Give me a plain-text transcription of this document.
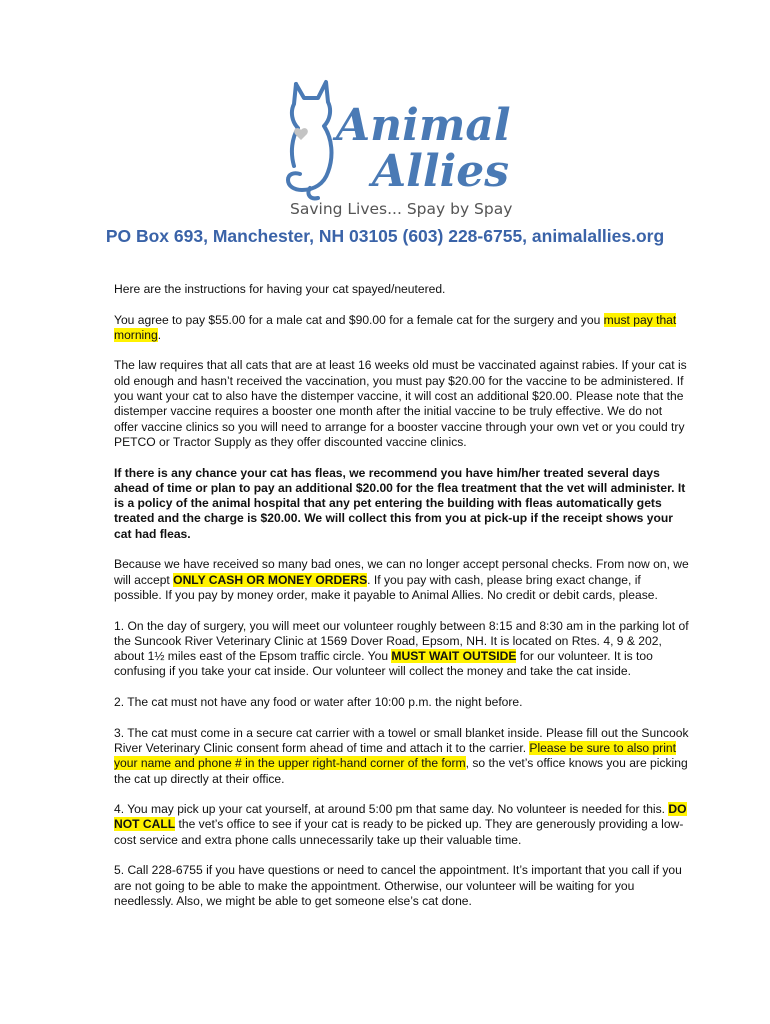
Animal
Allies
Saving Lives... Spay by Spay
PO Box 693, Manchester, NH 03105 (603) 228-6755, animalallies.org

Here are the instructions for having your cat spayed/neutered.

You agree to pay $55.00 for a male cat and $90.00 for a female cat for the surgery and you must pay that morning.

The law requires that all cats that are at least 16 weeks old must be vaccinated against rabies. If your cat is old enough and hasn’t received the vaccination, you must pay $20.00 for the vaccine to be administered. If you want your cat to also have the distemper vaccine, it will cost an additional $20.00. Please note that the distemper vaccine requires a booster one month after the initial vaccine to be truly effective. We do not offer vaccine clinics so you will need to arrange for a booster vaccine through your own vet or you could try PETCO or Tractor Supply as they offer discounted vaccine clinics.

If there is any chance your cat has fleas, we recommend you have him/her treated several days ahead of time or plan to pay an additional $20.00 for the flea treatment that the vet will administer. It is a policy of the animal hospital that any pet entering the building with fleas automatically gets treated and the charge is $20.00. We will collect this from you at pick-up if the receipt shows your cat had fleas.

Because we have received so many bad ones, we can no longer accept personal checks. From now on, we will accept ONLY CASH OR MONEY ORDERS. If you pay with cash, please bring exact change, if possible. If you pay by money order, make it payable to Animal Allies. No credit or debit cards, please.

1. On the day of surgery, you will meet our volunteer roughly between 8:15 and 8:30 am in the parking lot of the Suncook River Veterinary Clinic at 1569 Dover Road, Epsom, NH. It is located on Rtes. 4, 9 & 202, about 1½ miles east of the Epsom traffic circle. You MUST WAIT OUTSIDE for our volunteer. It is too confusing if you take your cat inside. Our volunteer will collect the money and take the cat inside.

2. The cat must not have any food or water after 10:00 p.m. the night before.

3. The cat must come in a secure cat carrier with a towel or small blanket inside. Please fill out the Suncook River Veterinary Clinic consent form ahead of time and attach it to the carrier. Please be sure to also print your name and phone # in the upper right-hand corner of the form, so the vet’s office knows you are picking the cat up directly at their office.

4. You may pick up your cat yourself, at around 5:00 pm that same day. No volunteer is needed for this. DO NOT CALL the vet’s office to see if your cat is ready to be picked up. They are generously providing a low-cost service and extra phone calls unnecessarily take up their valuable time.

5. Call 228-6755 if you have questions or need to cancel the appointment. It’s important that you call if you are not going to be able to make the appointment. Otherwise, our volunteer will be waiting for you needlessly. Also, we might be able to get someone else’s cat done.
